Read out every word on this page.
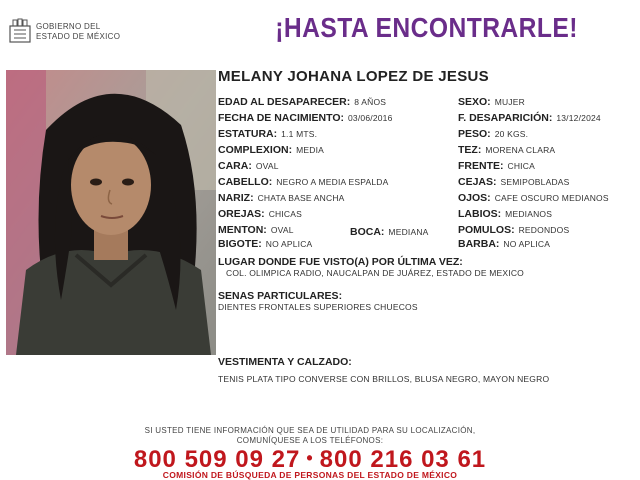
GOBIERNO DEL
ESTADO DE MÉXICO	¡HASTA ENCONTRARLE!
MELANY JOHANA LOPEZ DE JESUS
EDAD AL DESAPARECER: 8 AÑOS
FECHA DE NACIMIENTO: 03/06/2016
ESTATURA: 1.1 MTS.
COMPLEXION: MEDIA
CARA: OVAL
CABELLO: NEGRO A MEDIA ESPALDA
NARIZ: CHATA BASE ANCHA
OREJAS: CHICAS
MENTON: OVAL	BOCA: MEDIANA
BIGOTE: NO APLICA
SEXO: MUJER
F. DESAPARICIÓN: 13/12/2024
PESO: 20 KGS.
TEZ: MORENA CLARA
FRENTE: CHICA
CEJAS: SEMIPOBLADAS
OJOS: CAFE OSCURO MEDIANOS
LABIOS: MEDIANOS
POMULOS: REDONDOS
BARBA: NO APLICA
LUGAR DONDE FUE VISTO(A) POR ÚLTIMA VEZ:
COL. OLIMPICA RADIO, NAUCALPAN DE JUÁREZ, ESTADO DE MEXICO
SENAS PARTICULARES:
DIENTES FRONTALES SUPERIORES CHUECOS
VESTIMENTA Y CALZADO:
TENIS PLATA TIPO CONVERSE CON BRILLOS, BLUSA NEGRO, MAYON NEGRO
SI USTED TIENE INFORMACIÓN QUE SEA DE UTILIDAD PARA SU LOCALIZACIÓN,
COMUNÍQUESE A LOS TELÉFONOS:
800 509 09 27 • 800 216 03 61
COMISIÓN DE BÚSQUEDA DE PERSONAS DEL ESTADO DE MÉXICO
